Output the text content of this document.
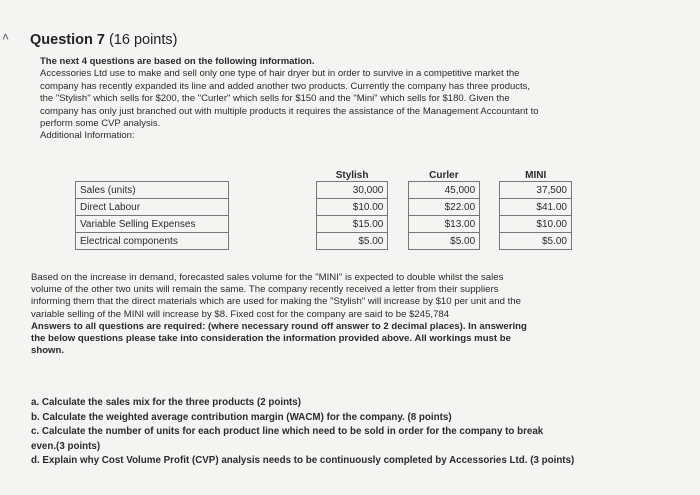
˄ Question 7 (16 points)

The next 4 questions are based on the following information.

Accessories Ltd use to make and sell only one type of hair dryer but in order to survive in a competitive market the

company has recently expanded its line and added another two products. Currently the company has three products,

the "Stylish" which sells for $200, the "Curler" which sells for $150 and the "Mini" which sells for $180. Given the

company has only just branched out with multiple products it requires the assistance of the Management Accountant to

perform some CVP analysis.

Additional Information:

		Stylish		Curler		MINI
Sales (units)		30,000		45,000		37,500
Direct Labour		$10.00		$22.00		$41.00
Variable Selling Expenses		$15.00		$13.00		$10.00
Electrical components		$5.00		$5.00		$5.00

Based on the increase in demand, forecasted sales volume for the "MINI" is expected to double whilst the sales

volume of the other two units will remain the same. The company recently received a letter from their suppliers

informing them that the direct materials which are used for making the "Stylish" will increase by $10 per unit and the

variable selling of the MINI will increase by $8. Fixed cost for the company are said to be $245,784

Answers to all questions are required: (where necessary round off answer to 2 decimal places). In answering

the below questions please take into consideration the information provided above. All workings must be

shown.

a. Calculate the sales mix for the three products (2 points)

b. Calculate the weighted average contribution margin (WACM) for the company. (8 points)

c. Calculate the number of units for each product line which need to be sold in order for the company to break

even.(3 points)

d. Explain why Cost Volume Profit (CVP) analysis needs to be continuously completed by Accessories Ltd. (3 points)
